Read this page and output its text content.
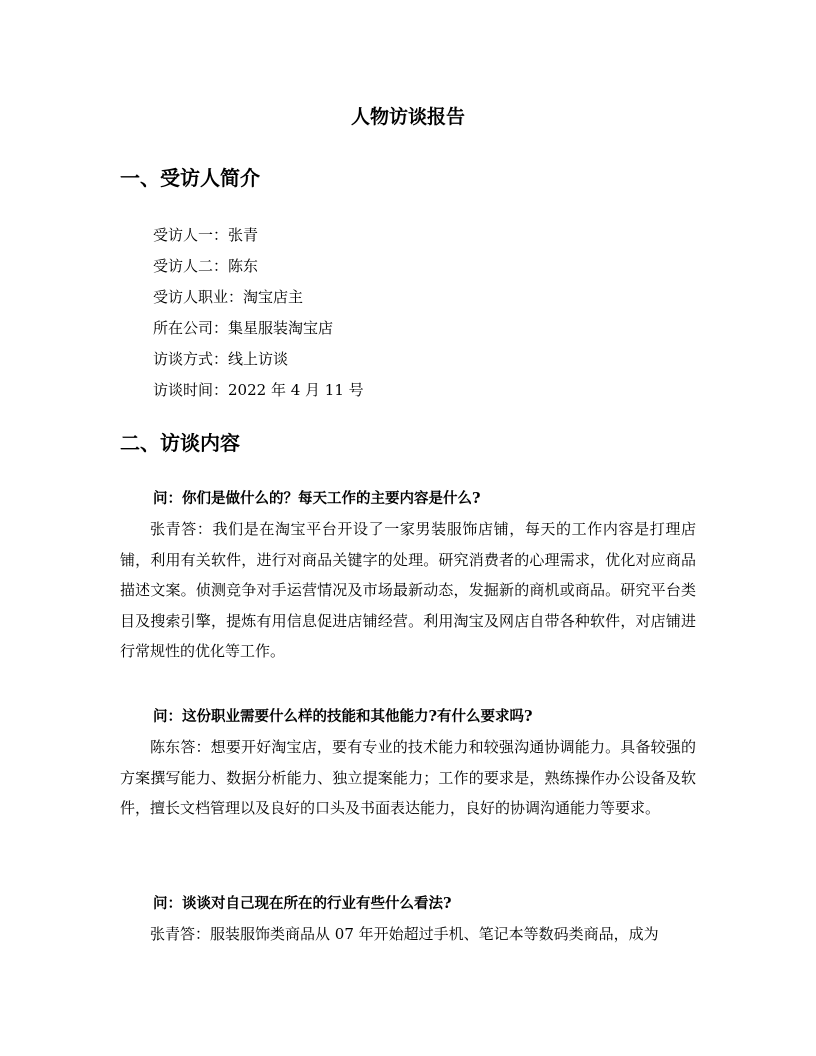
人物访谈报告
一、受访人简介
受访人一：张青
受访人二：陈东
受访人职业：淘宝店主
所在公司：集星服装淘宝店
访谈方式：线上访谈
访谈时间：2022 年 4 月 11 号
二、访谈内容
问：你们是做什么的？每天工作的主要内容是什么?

张青答：我们是在淘宝平台开设了一家男装服饰店铺，每天的工作内容是打理店铺，利用有关软件，进行对商品关键字的处理。研究消费者的心理需求，优化对应商品描述文案。侦测竞争对手运营情况及市场最新动态，发掘新的商机或商品。研究平台类目及搜索引擎，提炼有用信息促进店铺经营。利用淘宝及网店自带各种软件，对店铺进行常规性的优化等工作。

问：这份职业需要什么样的技能和其他能力?有什么要求吗?

陈东答：想要开好淘宝店，要有专业的技术能力和较强沟通协调能力。具备较强的方案撰写能力、数据分析能力、独立提案能力；工作的要求是，熟练操作办公设备及软件，擅长文档管理以及良好的口头及书面表达能力，良好的协调沟通能力等要求。

问：谈谈对自己现在所在的行业有些什么看法?

张青答：服装服饰类商品从 07 年开始超过手机、笔记本等数码类商品，成为
